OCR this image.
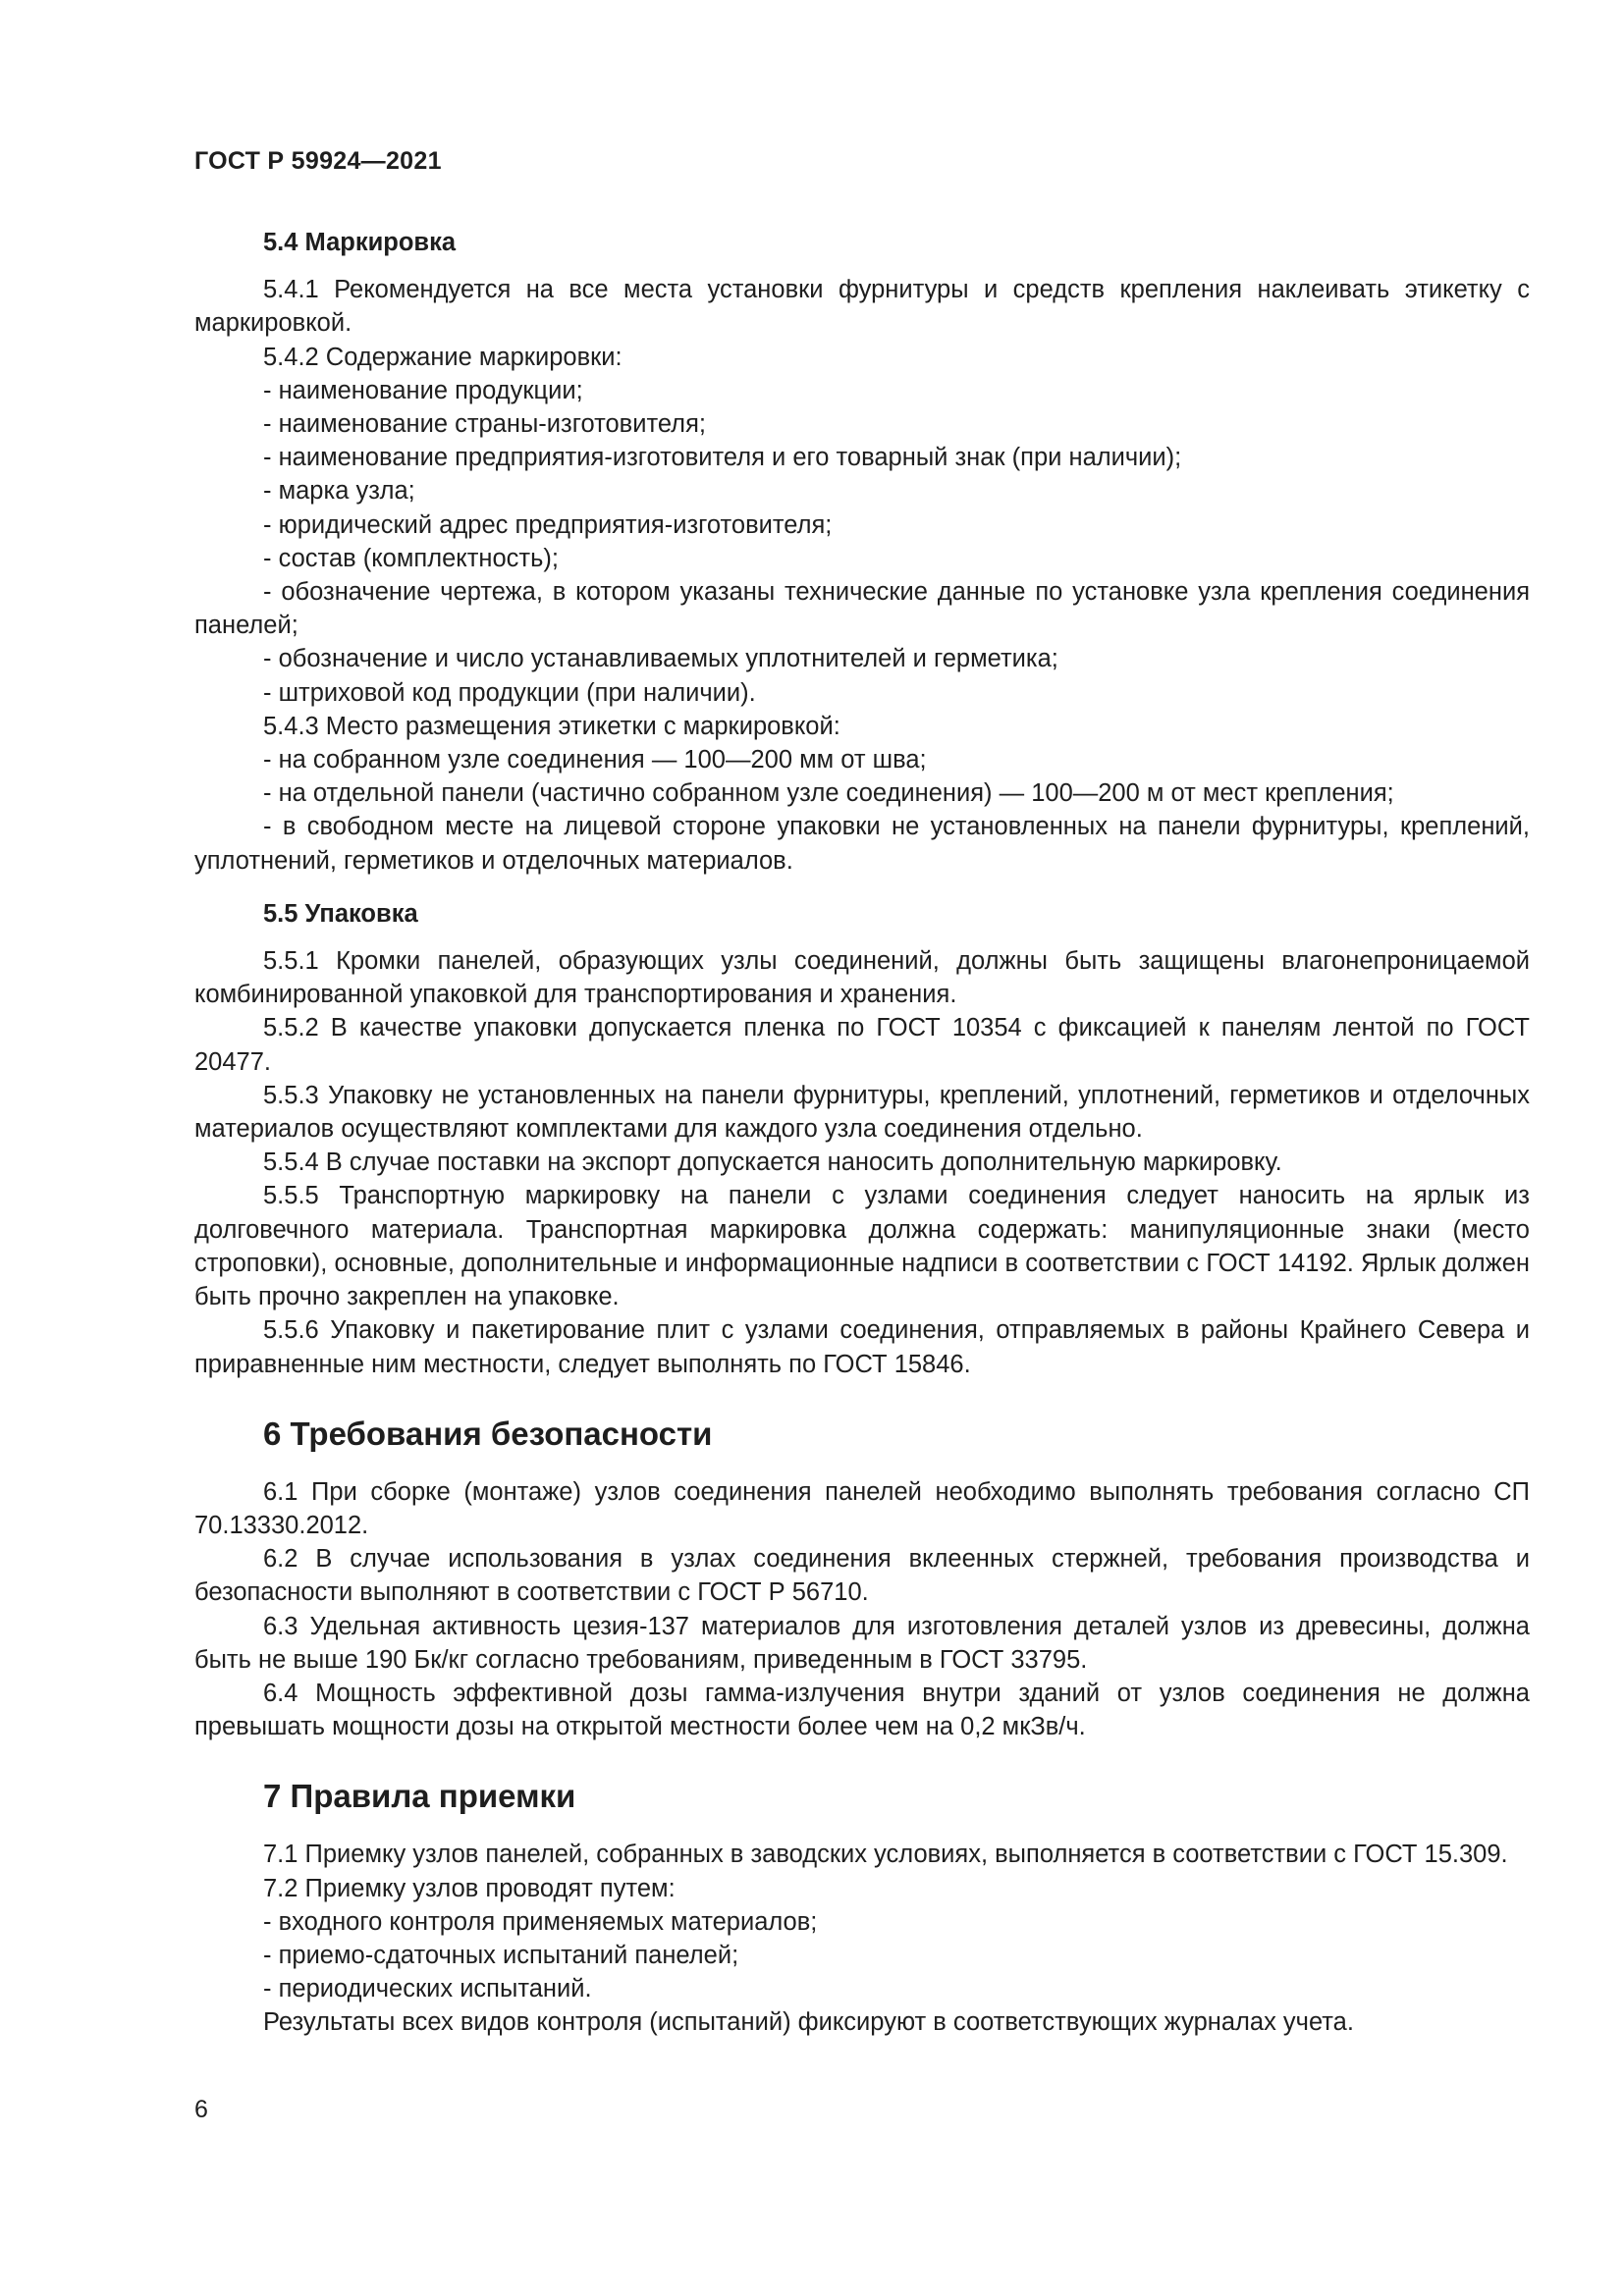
ГОСТ Р 59924—2021

5.4 Маркировка

5.4.1 Рекомендуется на все места установки фурнитуры и средств крепления наклеивать этикетку с маркировкой.

5.4.2 Содержание маркировки:

- наименование продукции;

- наименование страны-изготовителя;

- наименование предприятия-изготовителя и его товарный знак (при наличии);

- марка узла;

- юридический адрес предприятия-изготовителя;

- состав (комплектность);

- обозначение чертежа, в котором указаны технические данные по установке узла крепления соединения панелей;

- обозначение и число устанавливаемых уплотнителей и герметика;

- штриховой код продукции (при наличии).

5.4.3 Место размещения этикетки с маркировкой:

- на собранном узле соединения — 100—200 мм от шва;

- на отдельной панели (частично собранном узле соединения) — 100—200 м от мест крепления;

- в свободном месте на лицевой стороне упаковки не установленных на панели фурнитуры, креплений, уплотнений, герметиков и отделочных материалов.

5.5 Упаковка

5.5.1 Кромки панелей, образующих узлы соединений, должны быть защищены влагонепроницаемой комбинированной упаковкой для транспортирования и хранения.

5.5.2 В качестве упаковки допускается пленка по ГОСТ 10354 с фиксацией к панелям лентой по ГОСТ 20477.

5.5.3 Упаковку не установленных на панели фурнитуры, креплений, уплотнений, герметиков и отделочных материалов осуществляют комплектами для каждого узла соединения отдельно.

5.5.4 В случае поставки на экспорт допускается наносить дополнительную маркировку.

5.5.5 Транспортную маркировку на панели с узлами соединения следует наносить на ярлык из долговечного материала. Транспортная маркировка должна содержать: манипуляционные знаки (место строповки), основные, дополнительные и информационные надписи в соответствии с ГОСТ 14192. Ярлык должен быть прочно закреплен на упаковке.

5.5.6 Упаковку и пакетирование плит с узлами соединения, отправляемых в районы Крайнего Севера и приравненные ним местности, следует выполнять по ГОСТ 15846.

6 Требования безопасности

6.1 При сборке (монтаже) узлов соединения панелей необходимо выполнять требования согласно СП 70.13330.2012.

6.2 В случае использования в узлах соединения вклеенных стержней, требования производства и безопасности выполняют в соответствии с ГОСТ Р 56710.

6.3 Удельная активность цезия-137 материалов для изготовления деталей узлов из древесины, должна быть не выше 190 Бк/кг согласно требованиям, приведенным в ГОСТ 33795.

6.4 Мощность эффективной дозы гамма-излучения внутри зданий от узлов соединения не должна превышать мощности дозы на открытой местности более чем на 0,2 мкЗв/ч.

7 Правила приемки

7.1 Приемку узлов панелей, собранных в заводских условиях, выполняется в соответствии с ГОСТ 15.309.

7.2 Приемку узлов проводят путем:

- входного контроля применяемых материалов;

- приемо-сдаточных испытаний панелей;

- периодических испытаний.

Результаты всех видов контроля (испытаний) фиксируют в соответствующих журналах учета.

6
